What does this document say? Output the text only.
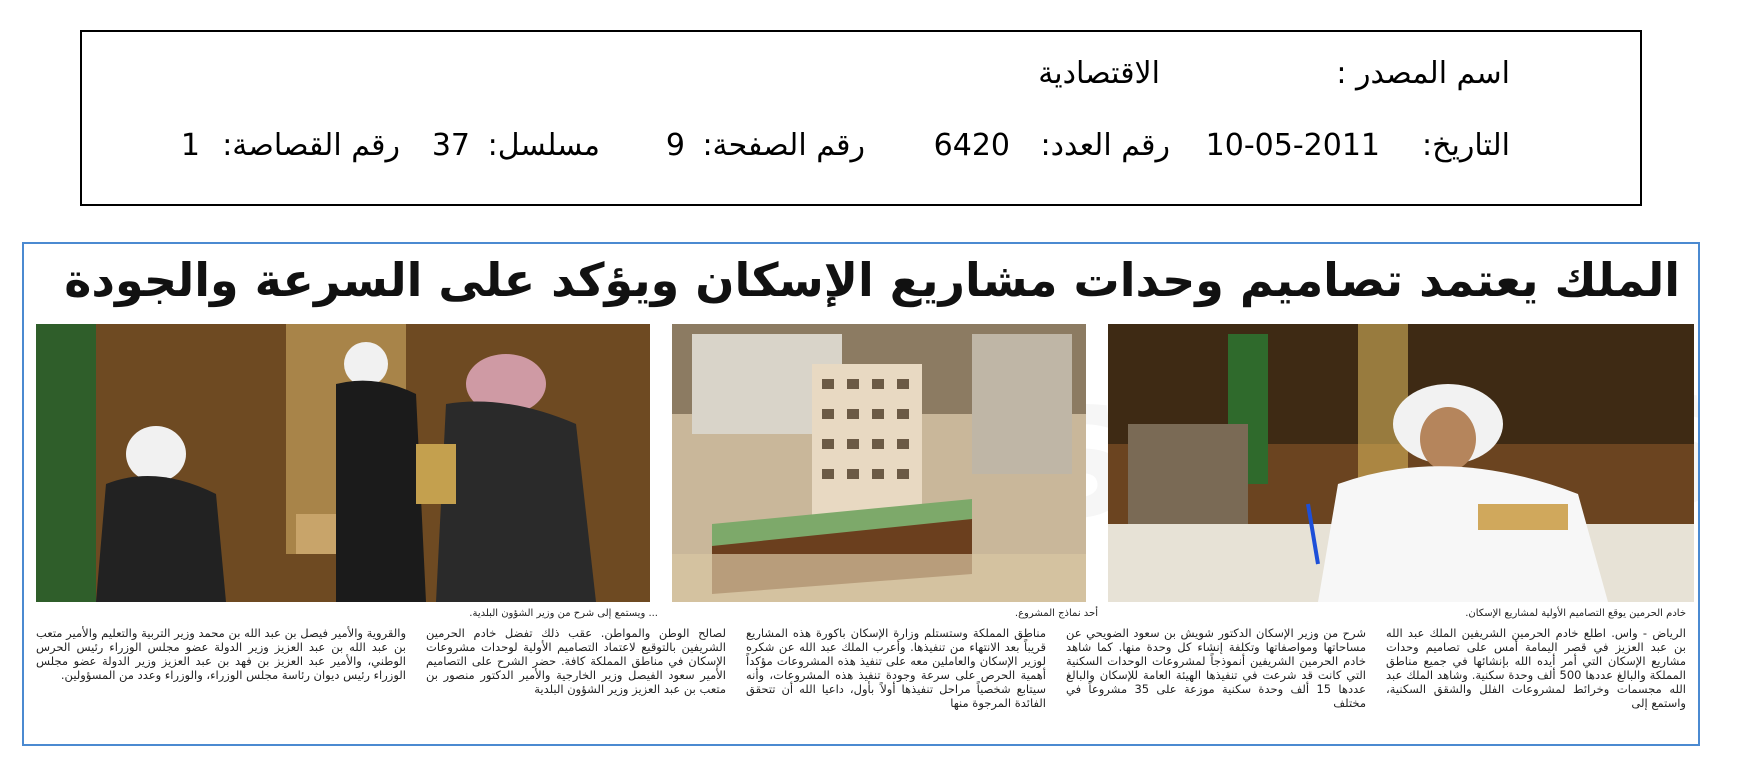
اسم المصدر :
الاقتصادية
التاريخ:
10-05-2011
رقم العدد:
6420
رقم الصفحة:
9
مسلسل:
37
رقم القصاصة:
1
الملك يعتمد تصاميم وحدات مشاريع الإسكان ويؤكد على السرعة والجودة
خادم الحرمين يوقع التصاميم الأولية لمشاريع الإسكان.
أحد نماذج المشروع.
... ويستمع إلى شرح من وزير الشؤون البلدية.

الرياض - واس. اطلع خادم الحرمين الشريفين الملك عبد الله بن عبد العزيز في قصر اليمامة أمس على تصاميم وحدات مشاريع الإسكان التي أمر أيده الله بإنشائها في جميع مناطق المملكة والبالغ عددها 500 ألف وحدة سكنية. وشاهد الملك عبد الله مجسمات وخرائط لمشروعات الفلل والشقق السكنية، واستمع إلى

شرح من وزير الإسكان الدكتور شويش بن سعود الضويحي عن مساحاتها ومواصفاتها وتكلفة إنشاء كل وحدة منها. كما شاهد خادم الحرمين الشريفين أنموذجاً لمشروعات الوحدات السكنية التي كانت قد شرعت في تنفيذها الهيئة العامة للإسكان والبالغ عددها 15 ألف وحدة سكنية موزعة على 35 مشروعاً في مختلف

مناطق المملكة وستستلم وزارة الإسكان باكورة هذه المشاريع قريباً بعد الانتهاء من تنفيذها. وأعرب الملك عبد الله عن شكره لوزير الإسكان والعاملين معه على تنفيذ هذه المشروعات مؤكداً أهمية الحرص على سرعة وجودة تنفيذ هذه المشروعات، وأنه سيتابع شخصياً مراحل تنفيذها أولاً بأول، داعيا الله أن تتحقق الفائدة المرجوة منها

لصالح الوطن والمواطن. عقب ذلك تفضل خادم الحرمين الشريفين بالتوقيع لاعتماد التصاميم الأولية لوحدات مشروعات الإسكان في مناطق المملكة كافة. حضر الشرح على التصاميم الأمير سعود الفيصل وزير الخارجية والأمير الدكتور منصور بن متعب بن عبد العزيز وزير الشؤون البلدية

والقروية والأمير فيصل بن عبد الله بن محمد وزير التربية والتعليم والأمير متعب بن عبد الله بن عبد العزيز وزير الدولة عضو مجلس الوزراء رئيس الحرس الوطني، والأمير عبد العزيز بن فهد بن عبد العزيز وزير الدولة عضو مجلس الوزراء رئيس ديوان رئاسة مجلس الوزراء، والوزراء وعدد من المسؤولين.
